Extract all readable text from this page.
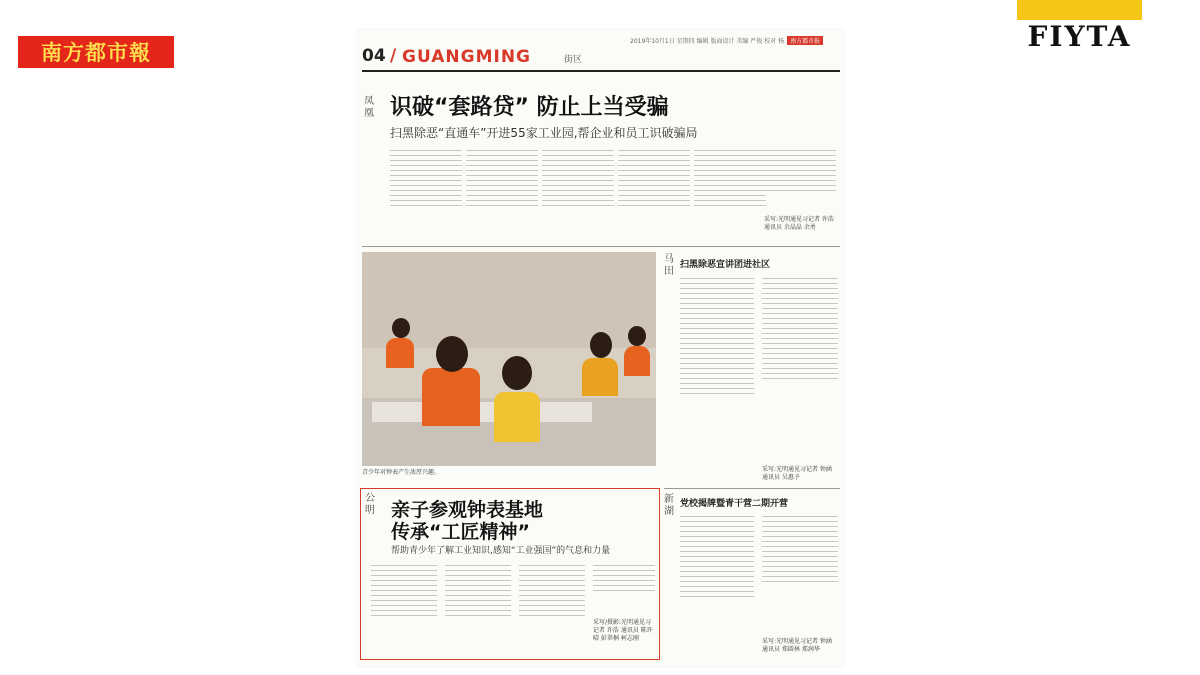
南方都市報	FIYTA
2019年10月1日 星期四 编辑 版面设计 美编 严俊 校对 杨 南方都市报
04 / GUANGMING	街区
凤凰 识破“套路贷” 防止上当受骗
扫黑除恶“直通车”开进55家工业园,帮企业和员工识破骗局
采写:光明通见习记者 许浩 通讯员 余晶晶 余勇
青少年对钟表产生浓厚兴趣。
马田
扫黑除恶宣讲团进社区
采写:光明通见习记者 钟涵 通讯员 吴惠予
新湖
党校揭牌暨青干营二期开营
采写:光明通见习记者 钟涵 通讯员 郑圆林 郑润华
公明 亲子参观钟表基地
传承“工匠精神”
帮助青少年了解工业知识,感知“工业强国”的气息和力量
采写/摄影:光明通见习记者 许浩 通讯员 陈许晴 彭翠桐 柯志刚
